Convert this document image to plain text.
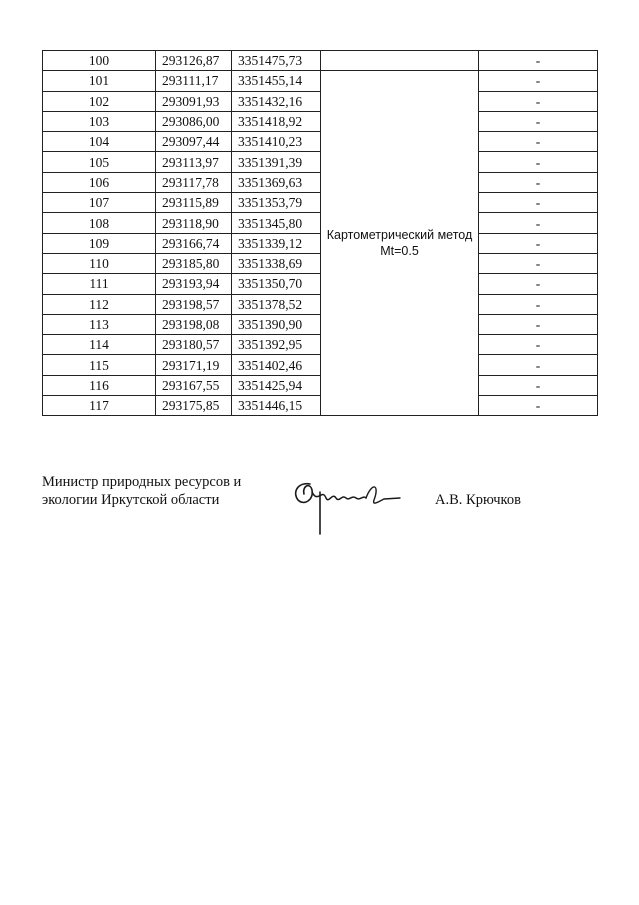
100	293126,87	3351475,73		-
101	293111,17	3351455,14	Картометрический метод Mt=0.5	-
102	293091,93	3351432,16		-
103	293086,00	3351418,92		-
104	293097,44	3351410,23		-
105	293113,97	3351391,39		-
106	293117,78	3351369,63		-
107	293115,89	3351353,79		-
108	293118,90	3351345,80		-
109	293166,74	3351339,12		-
110	293185,80	3351338,69		-
111	293193,94	3351350,70		-
112	293198,57	3351378,52		-
113	293198,08	3351390,90		-
114	293180,57	3351392,95		-
115	293171,19	3351402,46		-
116	293167,55	3351425,94		-
117	293175,85	3351446,15		-
Министр природных ресурсов и
экологии Иркутской области	А.В. Крючков
